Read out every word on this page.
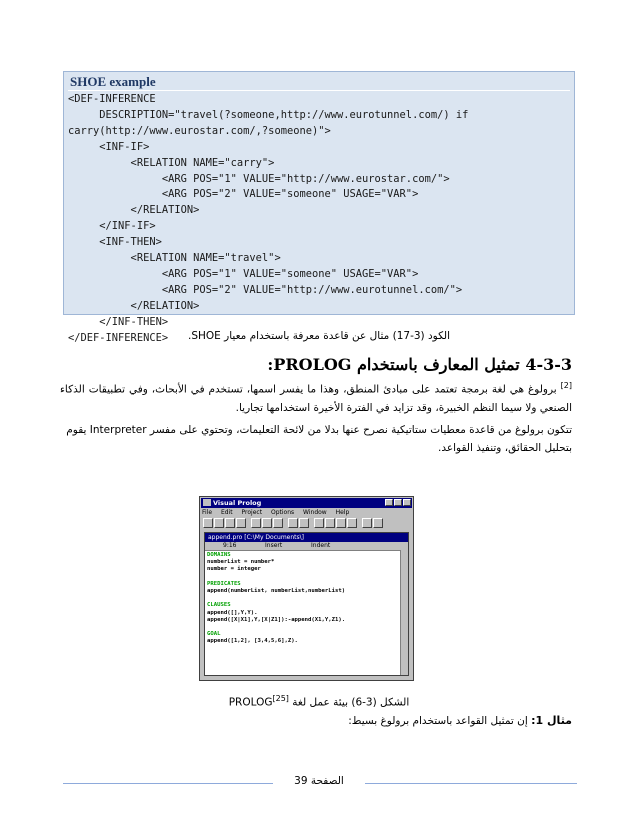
SHOE example
<DEF-INFERENCE
DESCRIPTION="travel(?someone,http://www.eurotunnel.com/) if
carry(http://www.eurostar.com/,?someone)">
<INF-IF>
<RELATION NAME="carry">
<ARG POS="1" VALUE="http://www.eurostar.com/">
<ARG POS="2" VALUE="someone" USAGE="VAR">
</RELATION>
</INF-IF>
<INF-THEN>
<RELATION NAME="travel">
<ARG POS="1" VALUE="someone" USAGE="VAR">
<ARG POS="2" VALUE="http://www.eurotunnel.com/">
</RELATION>
</INF-THEN>
</DEF-INFERENCE>	الكود (3-17) مثال عن قاعدة معرفة باستخدام معيار SHOE.
4-3-3 تمثيل المعارف باستخدام PROLOG:
[2] برولوغ هي لغة برمجة تعتمد على مبادئ المنطق، وهذا ما يفسر اسمها، تستخدم في الأبحاث، وفي تطبيقات الذكاء الصنعي ولا سيما النظم الخبيرة، وقد تزايد في الفترة الأخيرة استخدامها تجاريا.
تتكون برولوغ من قاعدة معطيات ستاتيكية نصرح عنها بدلا من لائحة التعليمات، وتحتوي على مفسر Interpreter يقوم
بتحليل الحقائق، وتنفيذ القواعد.
Visual Prolog
File Edit Project Options Window Help
append.pro [C:\My Documents\]
9:16	Insert	Indent
DOMAINS
numberList = number*
number = integer

PREDICATES
append(numberList, numberList,numberList)

CLAUSES
append([],Y,Y).
append([X|X1],Y,[X|Z1]):-append(X1,Y,Z1).

GOAL
append([1,2], [3,4,5,6],Z).

الشكل (3-6) بيئة عمل لغة PROLOG[25]
مثال 1: إن تمثيل القواعد باستخدام برولوغ بسيط:
الصفحة 39
